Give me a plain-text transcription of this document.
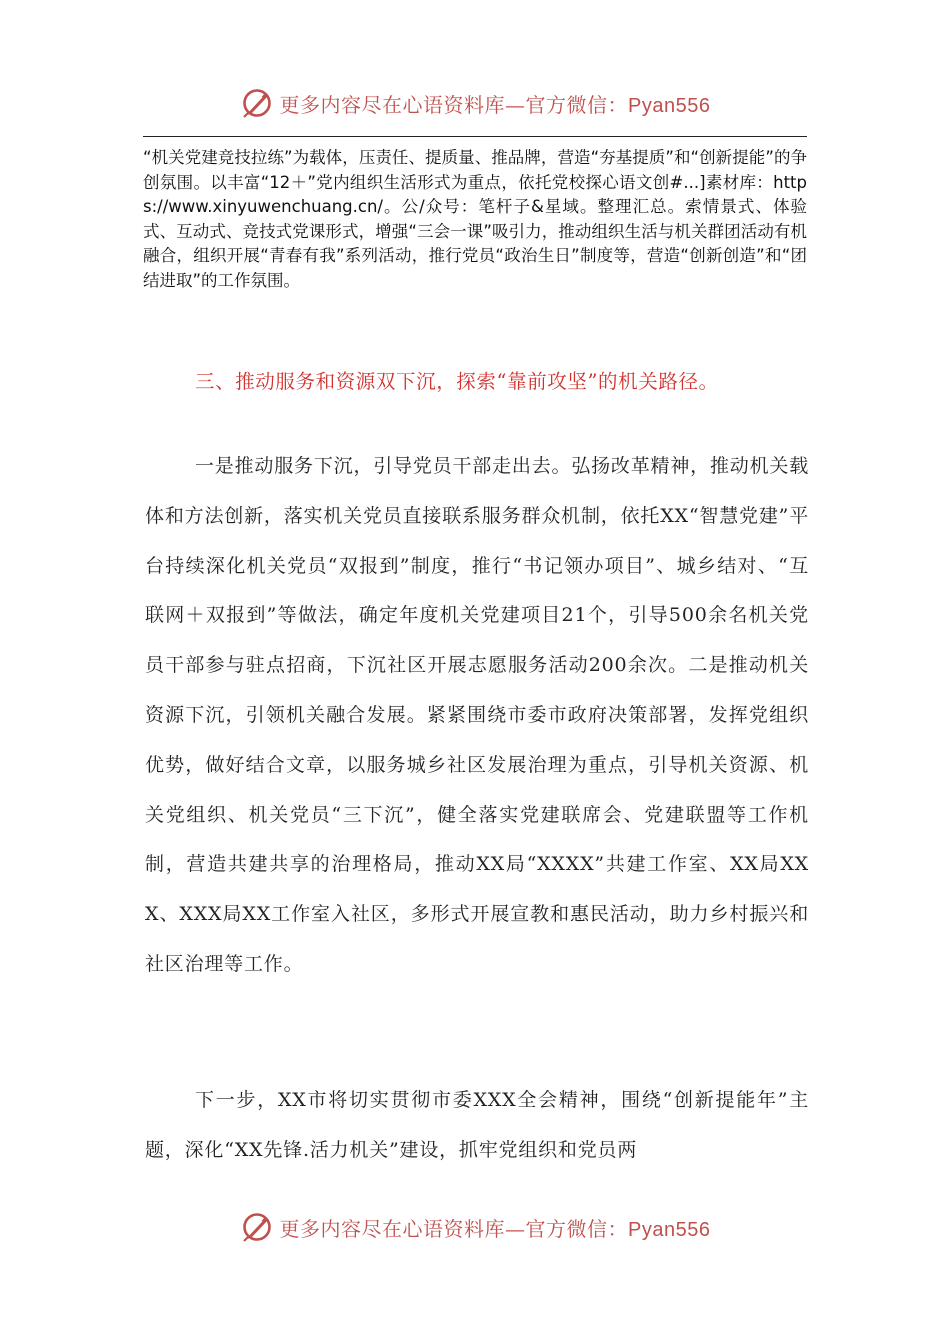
更多内容尽在心语资料库—官方微信：Pyan556

“机关党建竞技拉练”为载体，压责任、提质量、推品牌，营造“夯基提质”和“创新提能”的争创氛围。以丰富“12＋”党内组织生活形式为重点，依托党校探心语文创#...]素材库：https://www.xinyuwenchuang.cn/。公/众号：笔杆子&星域。整理汇总。索情景式、体验式、互动式、竞技式党课形式，增强“三会一课”吸引力，推动组织生活与机关群团活动有机融合，组织开展“青春有我”系列活动，推行党员“政治生日”制度等，营造“创新创造”和“团结进取”的工作氛围。

三、推动服务和资源双下沉，探索“靠前攻坚”的机关路径。

一是推动服务下沉，引导党员干部走出去。弘扬改革精神，推动机关载体和方法创新，落实机关党员直接联系服务群众机制，依托XX“智慧党建”平台持续深化机关党员“双报到”制度，推行“书记领办项目”、城乡结对、“互联网＋双报到”等做法，确定年度机关党建项目21个，引导500余名机关党员干部参与驻点招商，下沉社区开展志愿服务活动200余次。二是推动机关资源下沉，引领机关融合发展。紧紧围绕市委市政府决策部署，发挥党组织优势，做好结合文章，以服务城乡社区发展治理为重点，引导机关资源、机关党组织、机关党员“三下沉”，健全落实党建联席会、党建联盟等工作机制，营造共建共享的治理格局，推动XX局“XXXX”共建工作室、XX局XXX、XXX局XX工作室入社区，多形式开展宣教和惠民活动，助力乡村振兴和社区治理等工作。

下一步，XX市将切实贯彻市委XXX全会精神，围绕“创新提能年”主题，深化“XX先锋.活力机关”建设，抓牢党组织和党员两

更多内容尽在心语资料库—官方微信：Pyan556
